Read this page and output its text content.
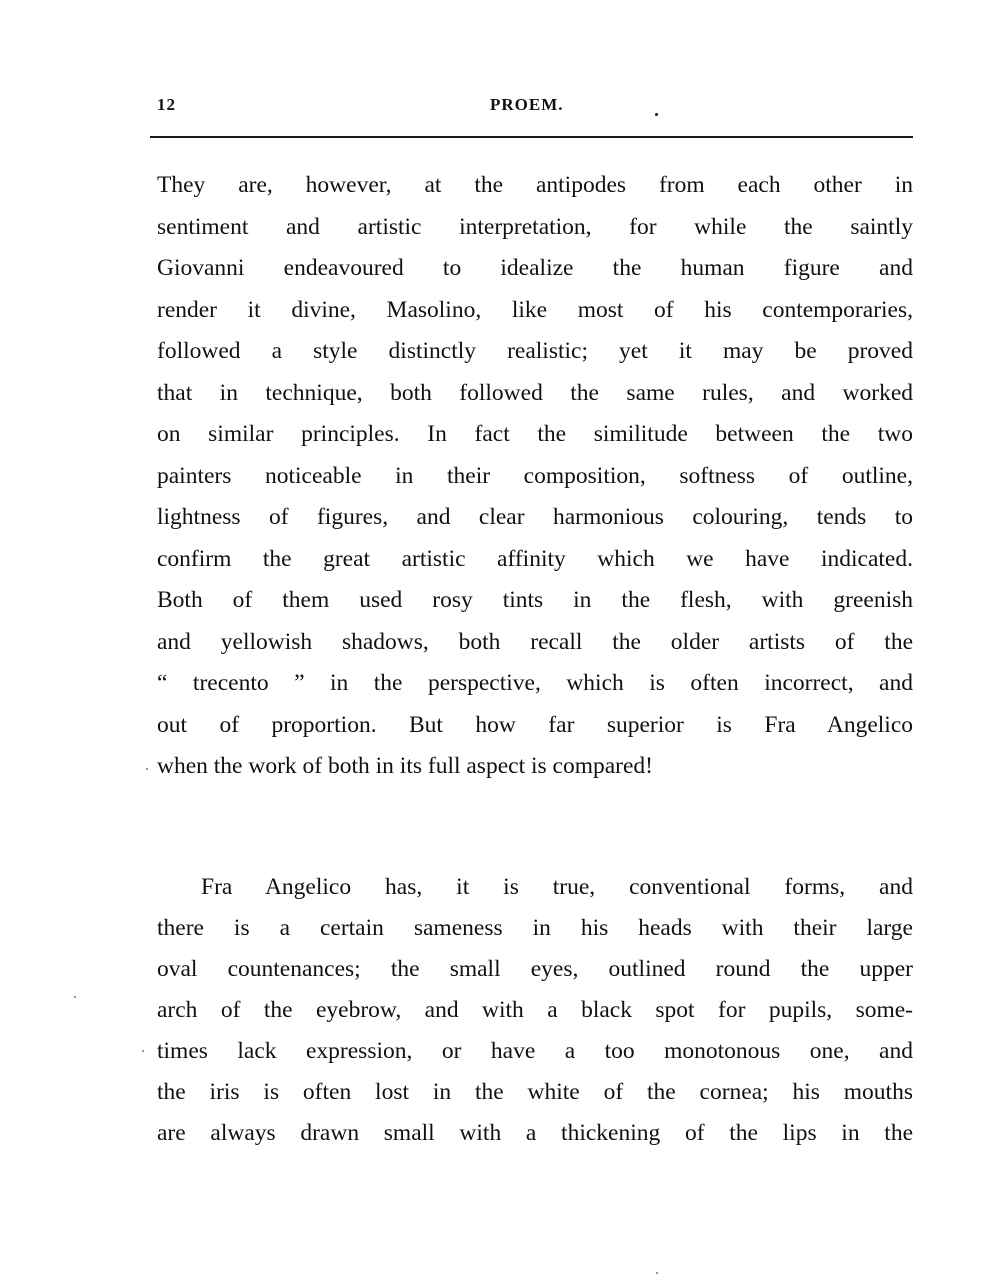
12	PROEM.
They are, however, at the antipodes from each other in
sentiment and artistic interpretation, for while the saintly
Giovanni endeavoured to idealize the human figure and
render it divine, Masolino, like most of his contemporaries,
followed a style distinctly realistic; yet it may be proved
that in technique, both followed the same rules, and worked
on similar principles. In fact the similitude between the two
painters noticeable in their composition, softness of outline,
lightness of figures, and clear harmonious colouring, tends to
confirm the great artistic affinity which we have indicated.
Both of them used rosy tints in the flesh, with greenish
and yellowish shadows, both recall the older artists of the
“ trecento ” in the perspective, which is often incorrect, and
out of proportion. But how far superior is Fra Angelico
when the work of both in its full aspect is compared!
Fra Angelico has, it is true, conventional forms, and
there is a certain sameness in his heads with their large
oval countenances; the small eyes, outlined round the upper
arch of the eyebrow, and with a black spot for pupils, some-
times lack expression, or have a too monotonous one, and
the iris is often lost in the white of the cornea; his mouths
are always drawn small with a thickening of the lips in the
